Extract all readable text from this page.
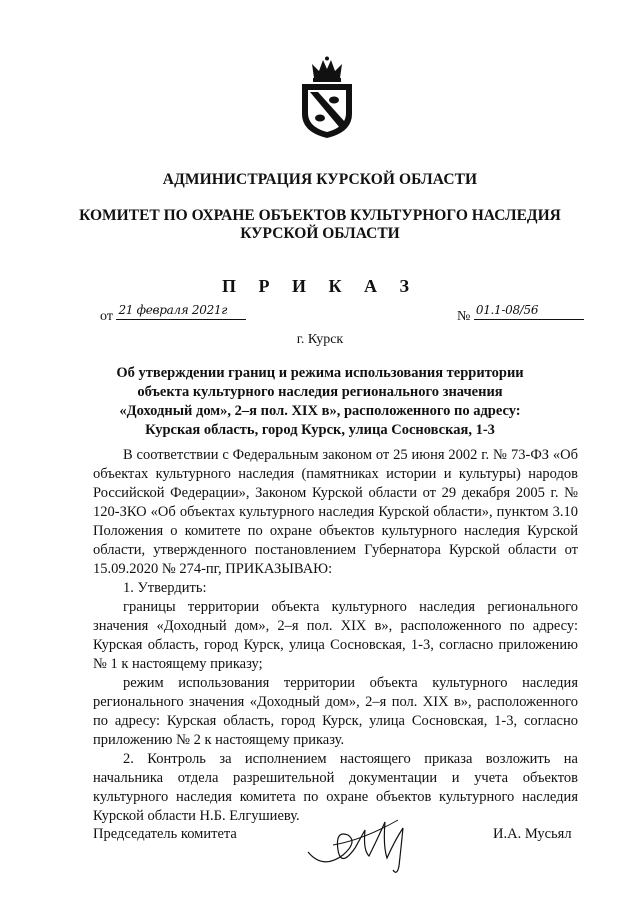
АДМИНИСТРАЦИЯ КУРСКОЙ ОБЛАСТИ
КОМИТЕТ ПО ОХРАНЕ ОБЪЕКТОВ КУЛЬТУРНОГО НАСЛЕДИЯ
КУРСКОЙ ОБЛАСТИ
П Р И К А З
от 21 февраля 2021г	№ 01.1-08/56
г. Курск
Об утверждении границ и режима использования территории
объекта культурного наследия регионального значения
«Доходный дом», 2–я пол. XIX в», расположенного по адресу:
Курская область, город Курск, улица Сосновская, 1-3

В соответствии с Федеральным законом от 25 июня 2002 г. № 73-ФЗ «Об объектах культурного наследия (памятниках истории и культуры) народов Российской Федерации», Законом Курской области от 29 декабря 2005 г. № 120-ЗКО «Об объектах культурного наследия Курской области», пунктом 3.10 Положения о комитете по охране объектов культурного наследия Курской области, утвержденного постановлением Губернатора Курской области от 15.09.2020 № 274-пг, ПРИКАЗЫВАЮ:

1. Утвердить:

границы территории объекта культурного наследия регионального значения «Доходный дом», 2–я пол. XIX в», расположенного по адресу: Курская область, город Курск, улица Сосновская, 1-3, согласно приложению № 1 к настоящему приказу;

режим использования территории объекта культурного наследия регионального значения «Доходный дом», 2–я пол. XIX в», расположенного по адресу: Курская область, город Курск, улица Сосновская, 1-3, согласно приложению № 2 к настоящему приказу.

2. Контроль за исполнением настоящего приказа возложить на начальника отдела разрешительной документации и учета объектов культурного наследия комитета по охране объектов культурного наследия Курской области Н.Б. Елгушиеву.

Председатель комитета	И.А. Мусьял
